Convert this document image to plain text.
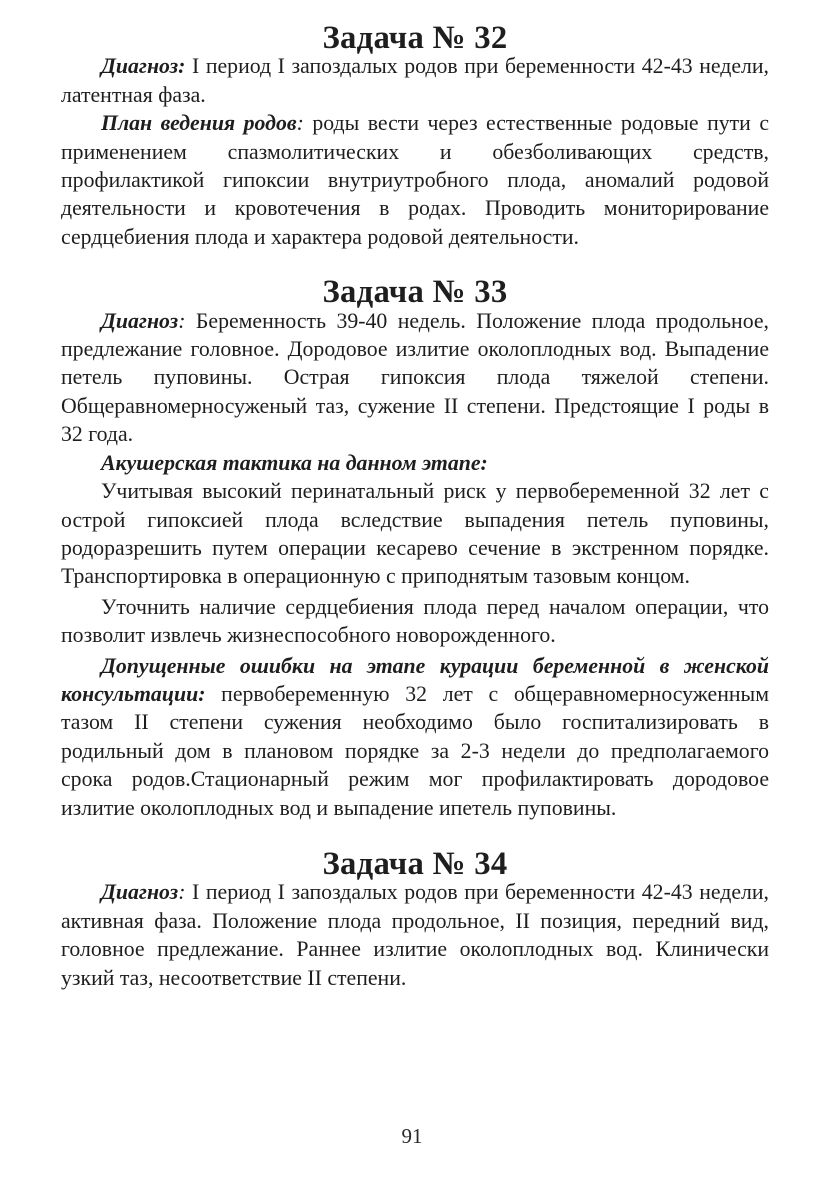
Задача № 32

Диагноз: I период I запоздалых родов при беременности 42-43 недели, латентная фаза.

План ведения родов: роды вести через естественные родовые пути с применением спазмолитических и обезболивающих средств, профилактикой гипоксии внутриутробного плода, аномалий родовой деятельности и кровотечения в родах. Проводить мониторирование сердцебиения плода и характера родовой деятельности.

Задача № 33

Диагноз: Беременность 39-40 недель. Положение плода продольное, предлежание головное. Дородовое излитие околоплодных вод. Выпадение петель пуповины. Острая гипоксия плода тяжелой степени. Общеравномерносуженый таз, сужение II степени. Предстоящие I роды в 32 года.

Акушерская тактика на данном этапе:

Учитывая высокий перинатальный риск у первобеременной 32 лет с острой гипоксией плода вследствие выпадения петель пуповины, родоразрешить путем операции кесарево сечение в экстренном порядке. Транспортировка в операционную с приподнятым тазовым концом.

Уточнить наличие сердцебиения плода перед началом операции, что позволит извлечь жизнеспособного новорожденного.

Допущенные ошибки на этапе курации беременной в женской консультации: первобеременную 32 лет с общеравномерносуженным тазом II степени сужения необходимо было госпитализировать в родильный дом в плановом порядке за 2-3 недели до предполагаемого срока родов.Стационарный режим мог профилактировать дородовое излитие околоплодных вод и выпадение ипетель пуповины.

Задача № 34

Диагноз: I период I запоздалых родов при беременности 42-43 недели, активная фаза. Положение плода продольное, II позиция, передний вид, головное предлежание. Раннее излитие околоплодных вод. Клинически узкий таз, несоответствие II степени.

91
